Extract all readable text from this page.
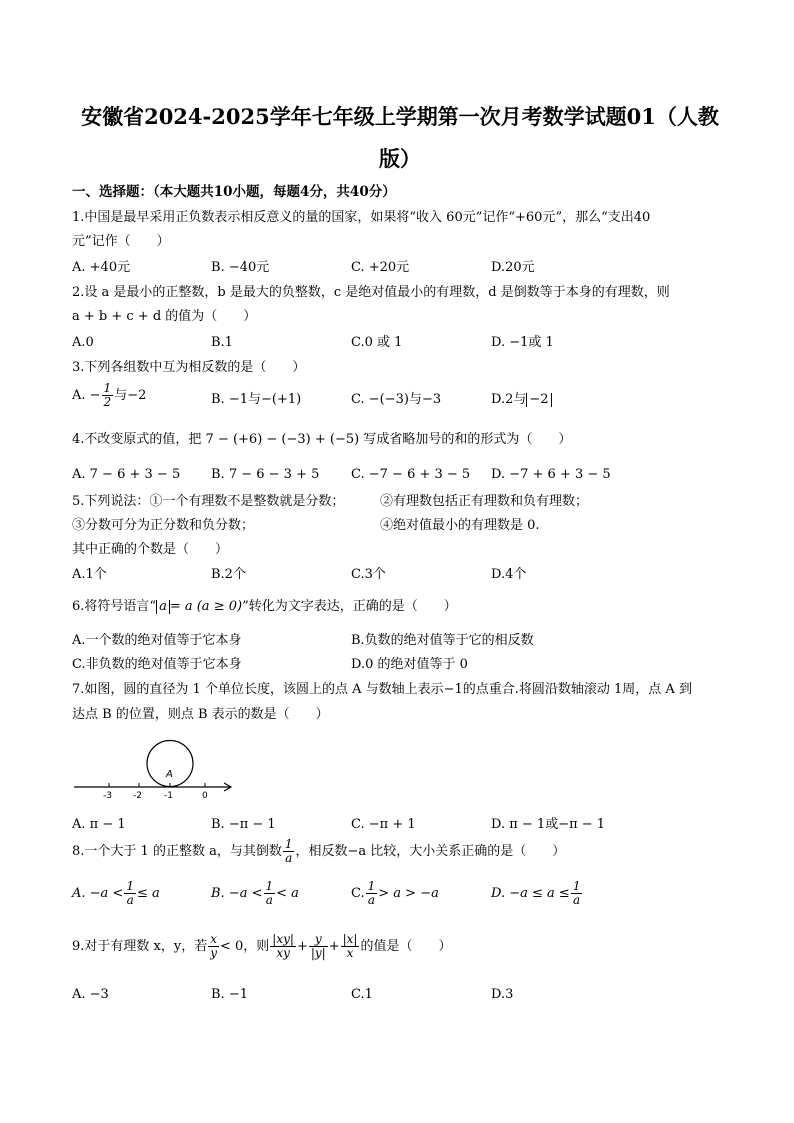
安徽省2024-2025学年七年级上学期第一次月考数学试题01（人教
版）
一、选择题：（本大题共10小题，每题4分，共40分）
1.中国是最早采用正负数表示相反意义的量的国家，如果将“收入 60元”记作“+60元”，那么“支出40
元”记作（　　）
A. +40元	B. −40元	C. +20元	D.20元
2.设 a 是最小的正整数，b 是最大的负整数，c 是绝对值最小的有理数，d 是倒数等于本身的有理数，则
a + b + c + d 的值为（　　）
A.0	B.1	C.0 或 1	D. −1或 1
3.下列各组数中互为相反数的是（　　）
A. − $\frac{1}{2}$ 与−2	B. −1与−(+1)	C. −(−3)与−3	D.2与 −2
4.不改变原式的值，把 7 − (+6) − (−3) + (−5) 写成省略加号的和的形式为（　　）
A. 7 − 6 + 3 − 5 B. 7 − 6 − 3 + 5 C. −7 − 6 + 3 − 5 D. −7 + 6 + 3 − 5
5.下列说法：①一个有理数不是整数就是分数；	②有理数包括正有理数和负有理数；
③分数可分为正分数和负分数；	④绝对值最小的有理数是 0.
其中正确的个数是（　　）
A.1个	B.2个	C.3个	D.4个
6.将符号语言“ a = a (a ≥ 0)”转化为文字表达，正确的是（　　）
A.一个数的绝对值等于它本身	B.负数的绝对值等于它的相反数
C.非负数的绝对值等于它本身	D.0 的绝对值等于 0
7.如图，圆的直径为 1 个单位长度，该圆上的点 A 与数轴上表示−1的点重合.将圆沿数轴滚动 1周，点 A 到
达点 B 的位置，则点 B 表示的数是（　　）
A
-3 -2 -1	0
A. π − 1	B. −π − 1	C. −π + 1	D. π − 1或−π − 1
8.一个大于 1 的正整数 a，与其倒数 $\frac{1}{a}$ ，相反数−a 比较，大小关系正确的是（　　）
A. $-a < \frac{1}{a} \le a$	B. $-a < \frac{1}{a} < a$	C. $\frac{1}{a} > a > -a$	D. $-a \le a \le \frac{1}{a}$
9.对于有理数 x，y，若 $\frac{x}{y} < 0$，则 $\frac{|xy|}{xy} + \frac{y}{|y|} + \frac{|x|}{x}$ 的值是（　　）
A. −3	B. −1	C.1	D.3
